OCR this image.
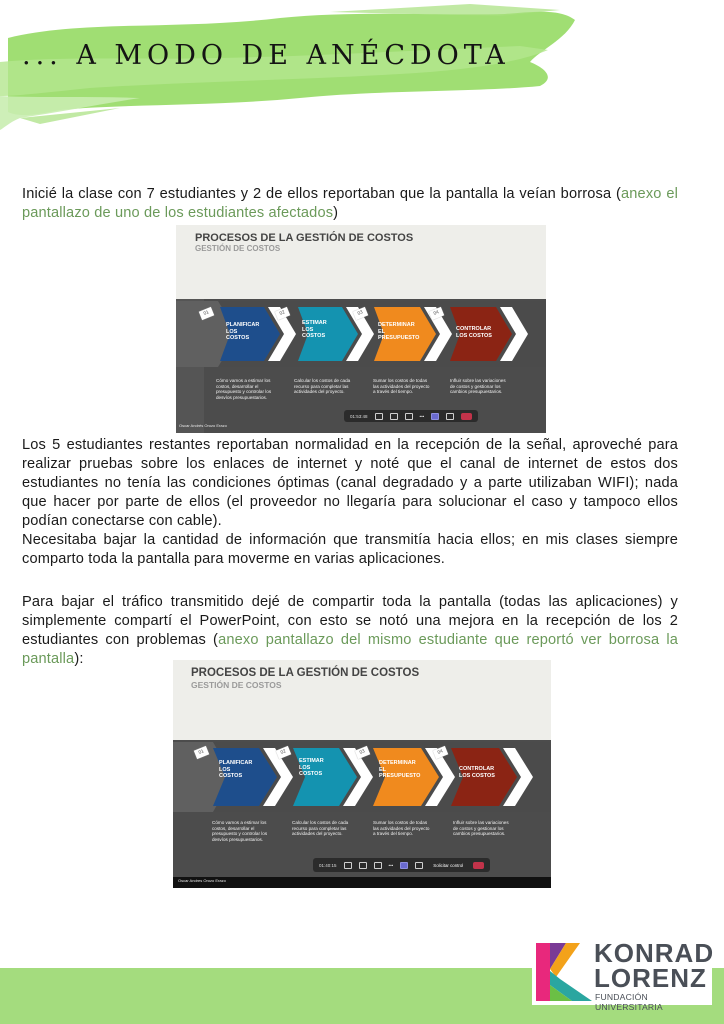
... A MODO DE ANÉCDOTA

Inicié la clase con 7 estudiantes y 2 de ellos reportaban que la pantalla la veían borrosa (anexo el pantallazo de uno de los estudiantes afectados)

PROCESOS DE LA GESTIÓN DE COSTOS
GESTIÓN DE COSTOS
01	02	03	04
PLANIFICAR
LOS
COSTOS
ESTIMAR
LOS
COSTOS
DETERMINAR
EL
PRESUPUESTO
CONTROLAR
LOS COSTOS
Cómo vamos a estimar los costos, desarrollar el presupuesto y controlar los desvíos presupuestarios.
Calcular los costos de cada recurso para completar las actividades del proyecto.
Sumar los costos de todas las actividades del proyecto a través del tiempo.
Influir sobre las variaciones de costos y gestionar los cambios presupuestarios.
01:53:48	•••
Oscar Andrés Orozo Erazo

Los 5 estudiantes restantes reportaban normalidad en la recepción de la señal, aproveché para realizar pruebas sobre los enlaces de internet y noté que el canal de internet de estos dos estudiantes no tenía las condiciones óptimas (canal degradado y a parte utilizaban WIFI); nada que hacer por parte de ellos (el proveedor no llegaría para solucionar el caso y tampoco ellos podían conectarse con cable).
Necesitaba bajar la cantidad de información que transmitía hacia ellos; en mis clases siempre comparto toda la pantalla para moverme en varias aplicaciones.

Para bajar el tráfico transmitido dejé de compartir toda la pantalla (todas las aplicaciones) y simplemente compartí el PowerPoint, con esto se notó una mejora en la recepción de los 2 estudiantes con problemas (anexo pantallazo del mismo estudiante que reportó ver borrosa la pantalla):

PROCESOS DE LA GESTIÓN DE COSTOS
GESTIÓN DE COSTOS
01	02	03	04
PLANIFICAR
LOS
COSTOS
ESTIMAR
LOS
COSTOS
DETERMINAR
EL
PRESUPUESTO
CONTROLAR
LOS COSTOS
Cómo vamos a estimar los costos, desarrollar el presupuesto y controlar los desvíos presupuestarios.
Calcular los costos de cada recurso para completar las actividades del proyecto.
Sumar los costos de todas las actividades del proyecto a través del tiempo.
Influir sobre las variaciones de costos y gestionar los cambios presupuestarios.
01:40:15	•••	Solicitar control
Oscar Andres Orozo Erazo
KONRAD
LORENZ
FUNDACIÓN UNIVERSITARIA
